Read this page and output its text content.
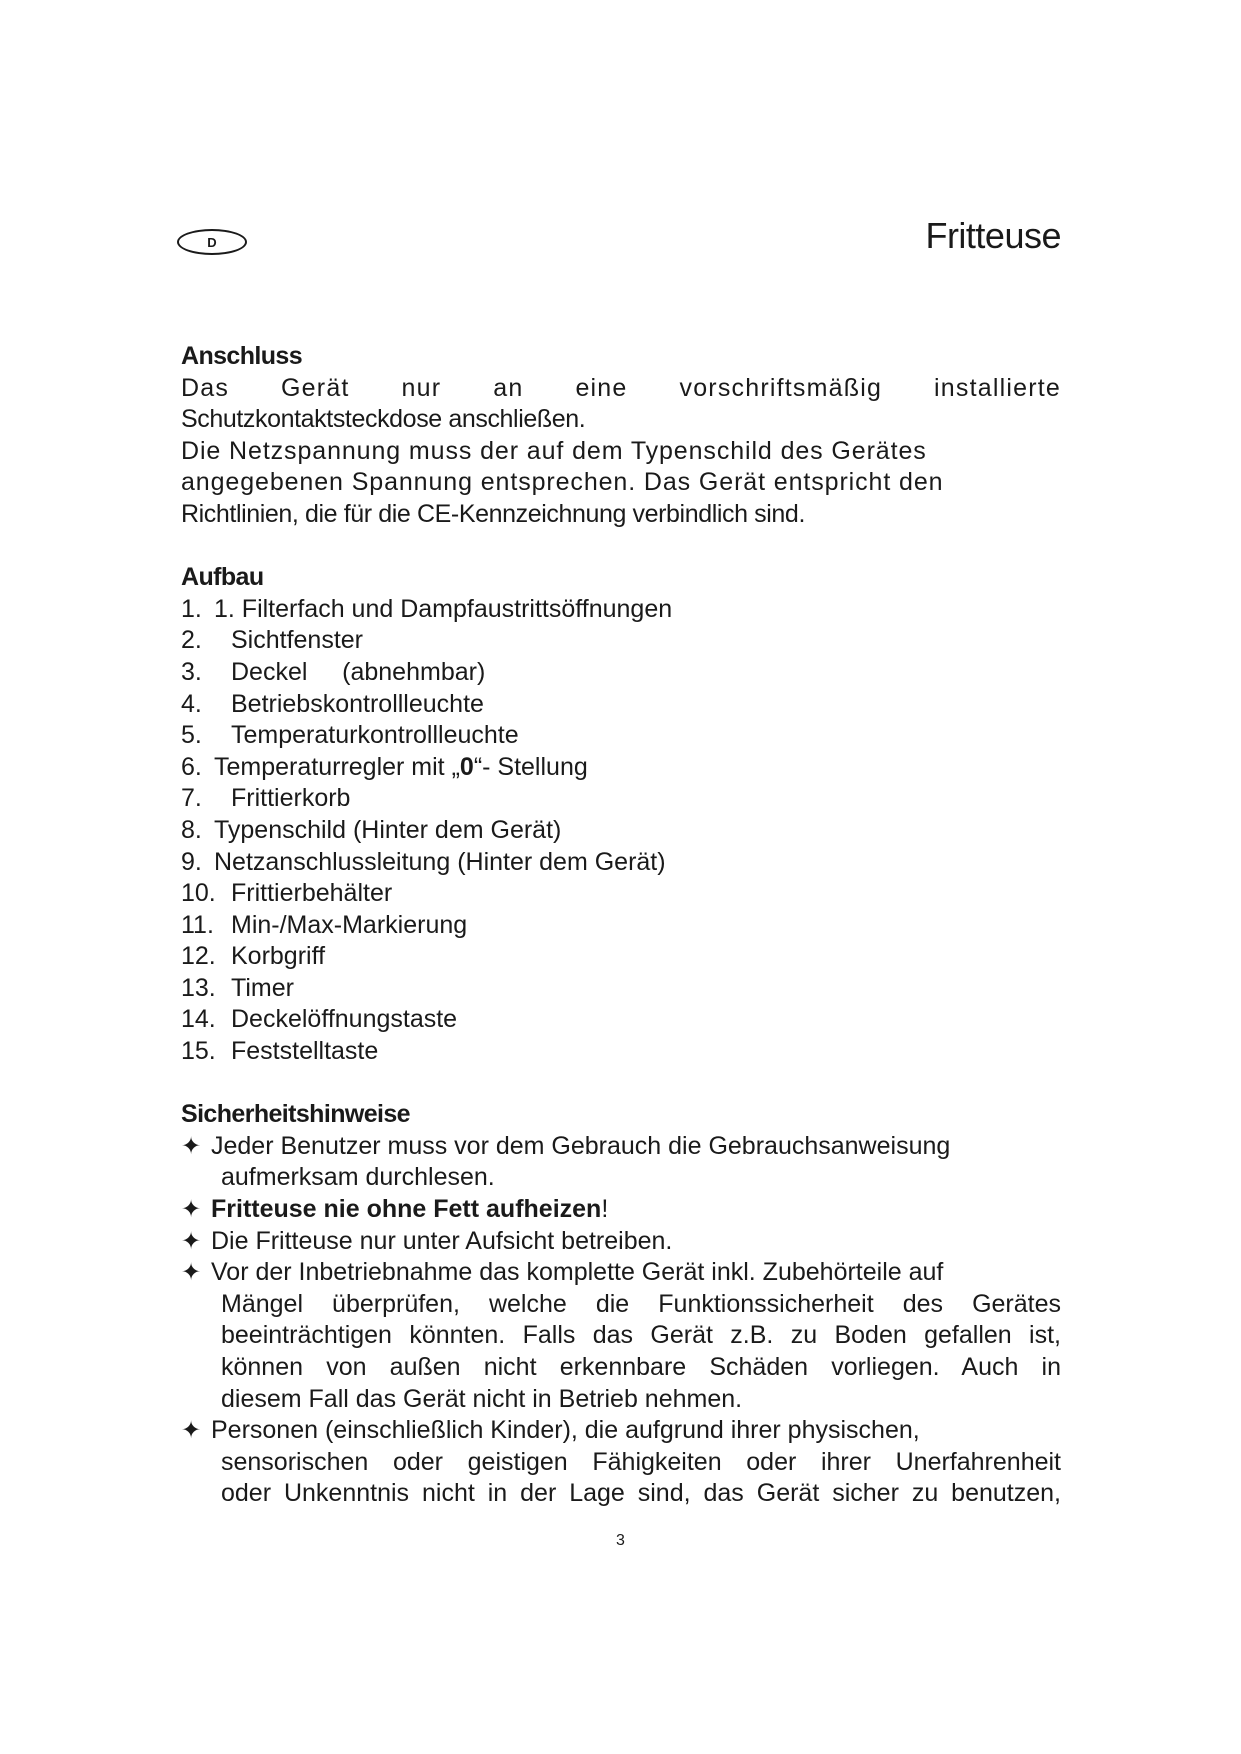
D	Fritteuse
Anschluss
Das Gerät nur an eine vorschriftsmäßig installierte
Schutzkontaktsteckdose anschließen.
Die Netzspannung muss der auf dem Typenschild des Gerätes
angegebenen Spannung entsprechen. Das Gerät entspricht den
Richtlinien, die für die CE-Kennzeichnung verbindlich sind.
Aufbau
1. 1. Filterfach und Dampfaustrittsöffnungen
2.	Sichtfenster
3.	Deckel     (abnehmbar)
4.	Betriebskontrollleuchte
5.	Temperaturkontrollleuchte
6. Temperaturregler mit „0“- Stellung
7.	Frittierkorb
8. Typenschild (Hinter dem Gerät)
9. Netzanschlussleitung (Hinter dem Gerät)
10. Frittierbehälter
11. Min-/Max-Markierung
12. Korbgriff
13. Timer
14. Deckelöffnungstaste
15. Feststelltaste
Sicherheitshinweise
✦ Jeder Benutzer muss vor dem Gebrauch die Gebrauchsanweisung
aufmerksam durchlesen.
✦ Fritteuse nie ohne Fett aufheizen!
✦ Die Fritteuse nur unter Aufsicht betreiben.
✦ Vor der Inbetriebnahme das komplette Gerät inkl. Zubehörteile auf
Mängel überprüfen, welche die Funktionssicherheit des Gerätes
beeinträchtigen könnten. Falls das Gerät z.B. zu Boden gefallen ist,
können von außen nicht erkennbare Schäden vorliegen. Auch in
diesem Fall das Gerät nicht in Betrieb nehmen.
✦ Personen (einschließlich Kinder), die aufgrund ihrer physischen,
sensorischen oder geistigen Fähigkeiten oder ihrer Unerfahrenheit
oder Unkenntnis nicht in der Lage sind, das Gerät sicher zu benutzen,
3
